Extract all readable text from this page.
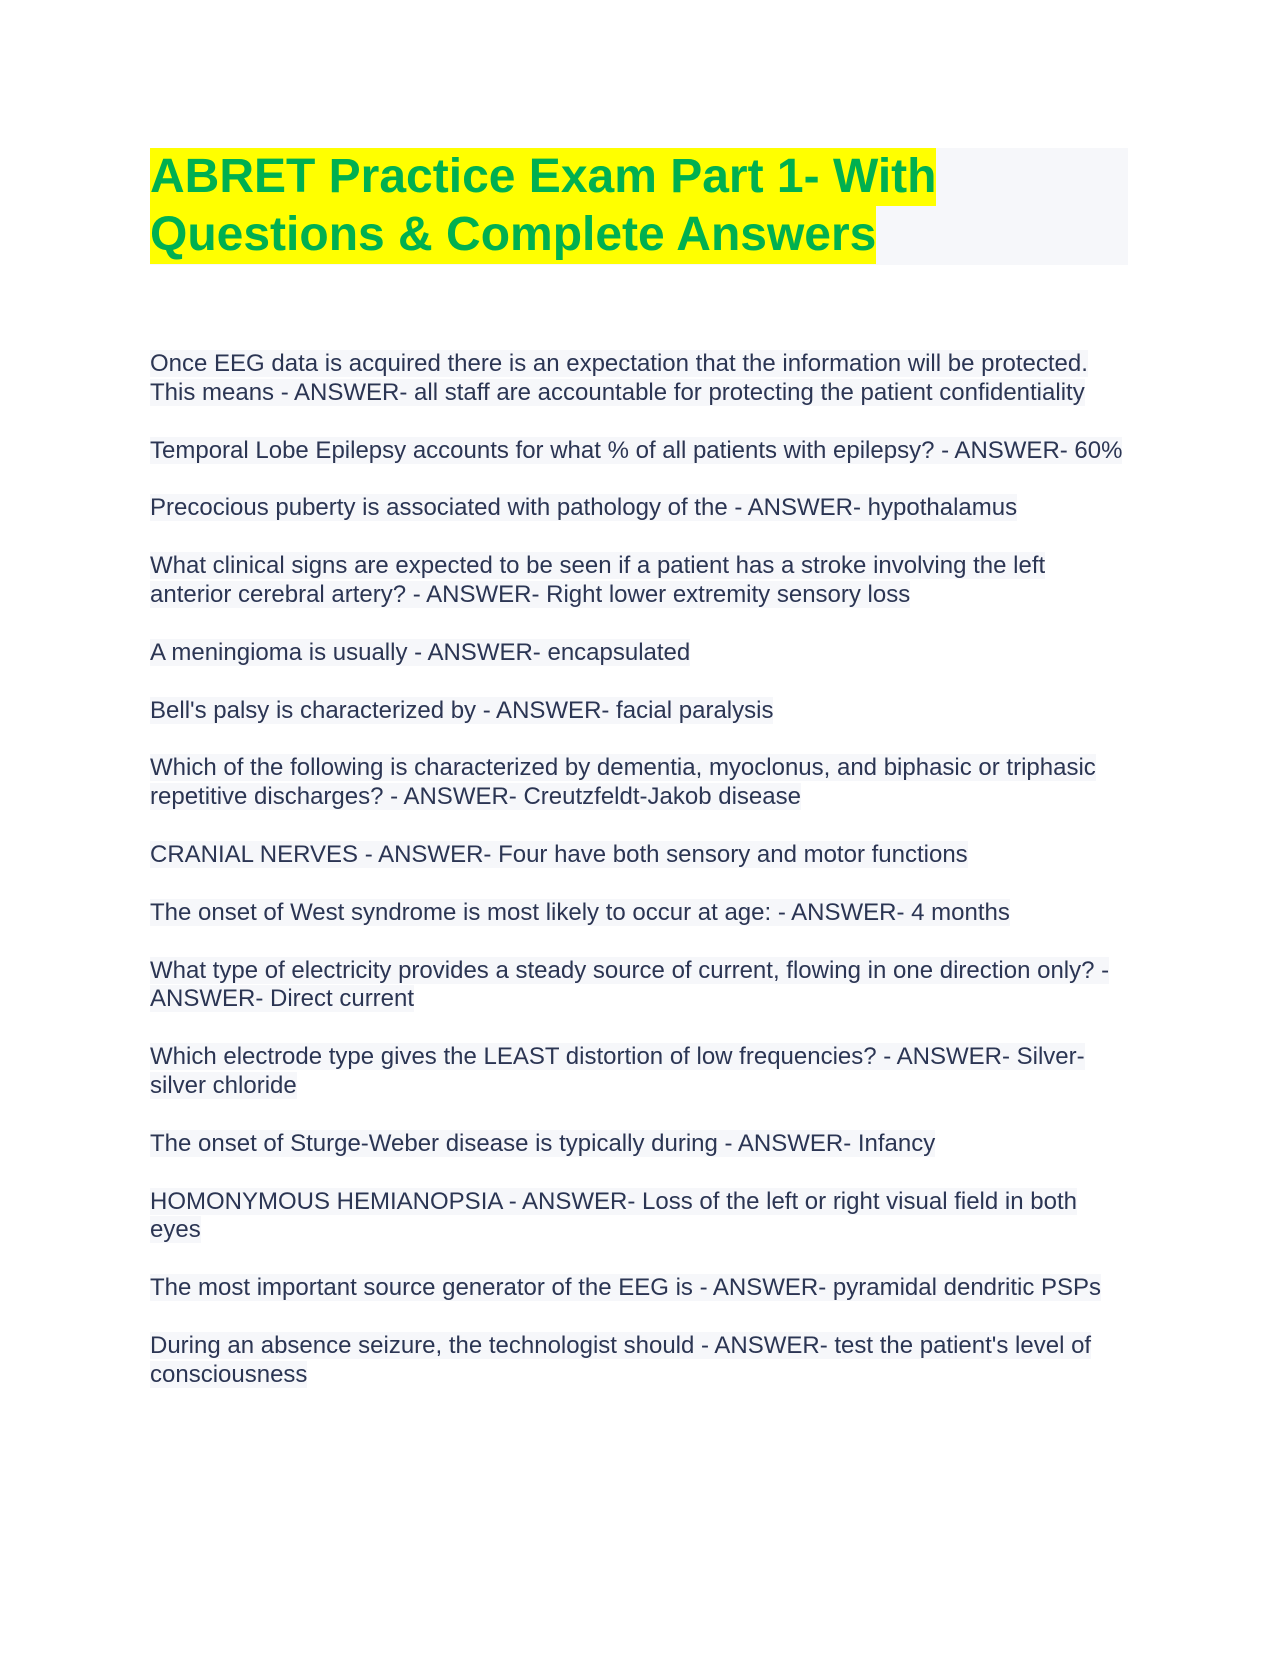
ABRET Practice Exam Part 1- With
Questions & Complete Answers

Once EEG data is acquired there is an expectation that the information will be protected. This means - ANSWER- all staff are accountable for protecting the patient confidentiality

Temporal Lobe Epilepsy accounts for what % of all patients with epilepsy? - ANSWER- 60%

Precocious puberty is associated with pathology of the - ANSWER- hypothalamus

What clinical signs are expected to be seen if a patient has a stroke involving the left anterior cerebral artery? - ANSWER- Right lower extremity sensory loss

A meningioma is usually - ANSWER- encapsulated

Bell's palsy is characterized by - ANSWER- facial paralysis

Which of the following is characterized by dementia, myoclonus, and biphasic or triphasic repetitive discharges? - ANSWER- Creutzfeldt-Jakob disease

CRANIAL NERVES - ANSWER- Four have both sensory and motor functions

The onset of West syndrome is most likely to occur at age: - ANSWER- 4 months

What type of electricity provides a steady source of current, flowing in one direction only? - ANSWER- Direct current

Which electrode type gives the LEAST distortion of low frequencies? - ANSWER- Silver-silver chloride

The onset of Sturge-Weber disease is typically during - ANSWER- Infancy

HOMONYMOUS HEMIANOPSIA - ANSWER- Loss of the left or right visual field in both eyes

The most important source generator of the EEG is - ANSWER- pyramidal dendritic PSPs

During an absence seizure, the technologist should - ANSWER- test the patient's level of consciousness
